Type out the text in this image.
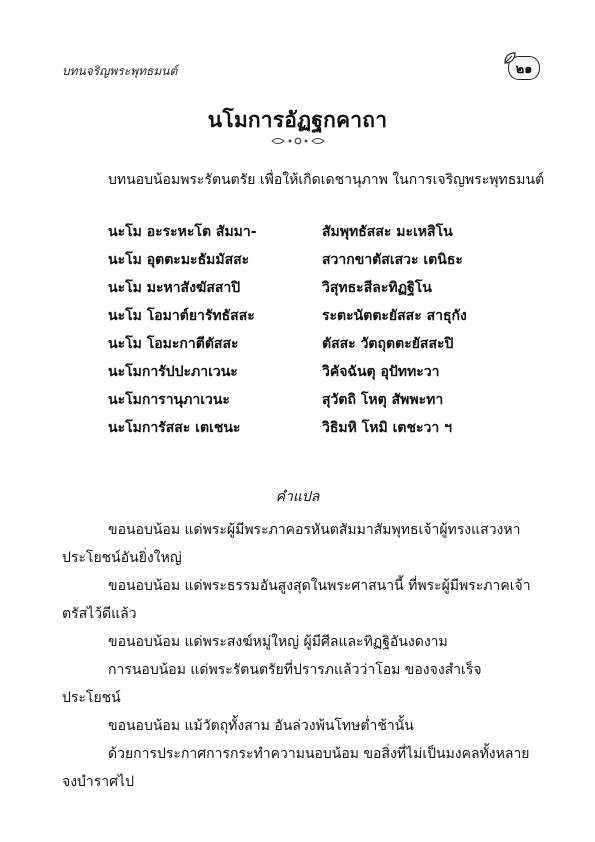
บทนจริญพระพุทธมนต์	๒๑
นโมการอัฏฐกคาถา
บทนอบน้อมพระรัตนตรัย เพื่อให้เกิดเดชานุภาพ ในการเจริญพระพุทธมนต์
นะโม อะระหะโต สัมมา-	สัมพุทธัสสะ มะเหสิโน
นะโม อุตตะมะธัมมัสสะ	สวากขาตัสเสวะ เตนิธะ
นะโม มะหาสังฆัสสาปิ	วิสุทธะสีละทิฏฐิโน
นะโม โอมาต์ยารัทธัสสะ	ระตะนัตตะยัสสะ สาธุกัง
นะโม โอมะกาตีตัสสะ	ตัสสะ วัตถุตตะยัสสะปิ
นะโมการัปปะภาเวนะ	วิคัจฉันตุ อุปัททะวา
นะโมการานุภาเวนะ	สุวัตถิ โหตุ สัพพะทา
นะโมการัสสะ เตเชนะ	วิธิมหิ โหมิ เตชะวา ฯ
คำแปล

ขอนอบน้อม แด่พระผู้มีพระภาคอรหันตสัมมาสัมพุทธเจ้าผู้ทรงแสวงหาประโยชน์อันยิ่งใหญ่

ขอนอบน้อม แด่พระธรรมอันสูงสุดในพระศาสนานี้ ที่พระผู้มีพระภาคเจ้าตรัสไว้ดีแล้ว

ขอนอบน้อม แด่พระสงฆ์หมู่ใหญ่ ผู้มีศีลและทิฏฐิอันงดงาม

การนอบน้อม แด่พระรัตนตรัยที่ปรารภแล้วว่าโอม ของจงสำเร็จประโยชน์

ขอนอบน้อม แม้วัตถุทั้งสาม อันล่วงพ้นโทษต่ำช้านั้น

ด้วยการประกาศการกระทำความนอบน้อม ขอสิ่งที่ไม่เป็นมงคลทั้งหลายจงบำราศไป
